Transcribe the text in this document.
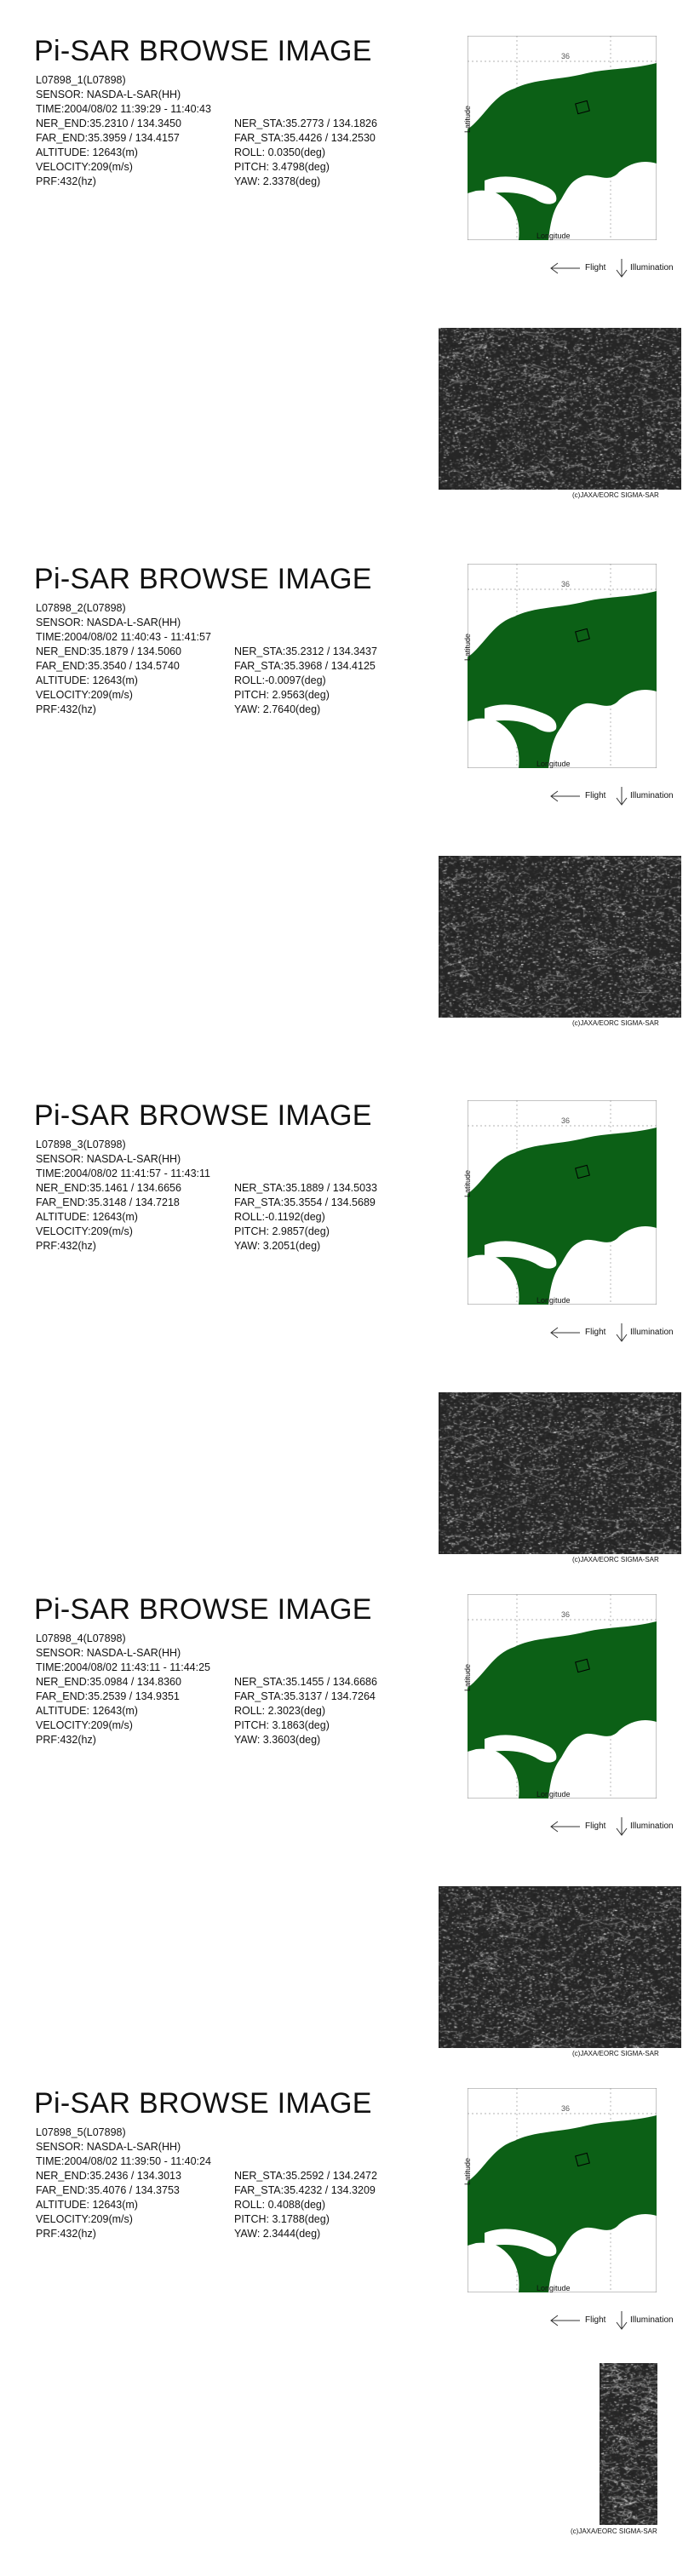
Pi-SAR BROWSE IMAGE
L07898_1(L07898)
SENSOR: NASDA-L-SAR(HH)
TIME:2004/08/02 11:39:29 - 11:40:43
NER_END:35.2310 / 134.3450	NER_STA:35.2773 / 134.1826
FAR_END:35.3959 / 134.4157	FAR_STA:35.4426 / 134.2530
ALTITUDE: 12643(m)	ROLL: 0.0350(deg)
VELOCITY:209(m/s)	PITCH: 3.4798(deg)
PRF:432(hz)	YAW: 2.3378(deg)
36
Latitude
Longitude
Flight	Illumination
(c)JAXA/EORC SIGMA-SAR
Pi-SAR BROWSE IMAGE
L07898_2(L07898)
SENSOR: NASDA-L-SAR(HH)
TIME:2004/08/02 11:40:43 - 11:41:57
NER_END:35.1879 / 134.5060	NER_STA:35.2312 / 134.3437
FAR_END:35.3540 / 134.5740	FAR_STA:35.3968 / 134.4125
ALTITUDE: 12643(m)	ROLL:-0.0097(deg)
VELOCITY:209(m/s)	PITCH: 2.9563(deg)
PRF:432(hz)	YAW: 2.7640(deg)
36
Latitude
Longitude
Flight	Illumination
(c)JAXA/EORC SIGMA-SAR
Pi-SAR BROWSE IMAGE
L07898_3(L07898)
SENSOR: NASDA-L-SAR(HH)
TIME:2004/08/02 11:41:57 - 11:43:11
NER_END:35.1461 / 134.6656	NER_STA:35.1889 / 134.5033
FAR_END:35.3148 / 134.7218	FAR_STA:35.3554 / 134.5689
ALTITUDE: 12643(m)	ROLL:-0.1192(deg)
VELOCITY:209(m/s)	PITCH: 2.9857(deg)
PRF:432(hz)	YAW: 3.2051(deg)
36
Latitude
Longitude
Flight	Illumination
(c)JAXA/EORC SIGMA-SAR
Pi-SAR BROWSE IMAGE
L07898_4(L07898)
SENSOR: NASDA-L-SAR(HH)
TIME:2004/08/02 11:43:11 - 11:44:25
NER_END:35.0984 / 134.8360	NER_STA:35.1455 / 134.6686
FAR_END:35.2539 / 134.9351	FAR_STA:35.3137 / 134.7264
ALTITUDE: 12643(m)	ROLL: 2.3023(deg)
VELOCITY:209(m/s)	PITCH: 3.1863(deg)
PRF:432(hz)	YAW: 3.3603(deg)
36
Latitude
Longitude
Flight	Illumination
(c)JAXA/EORC SIGMA-SAR
Pi-SAR BROWSE IMAGE
L07898_5(L07898)
SENSOR: NASDA-L-SAR(HH)
TIME:2004/08/02 11:39:50 - 11:40:24
NER_END:35.2436 / 134.3013	NER_STA:35.2592 / 134.2472
FAR_END:35.4076 / 134.3753	FAR_STA:35.4232 / 134.3209
ALTITUDE: 12643(m)	ROLL: 0.4088(deg)
VELOCITY:209(m/s)	PITCH: 3.1788(deg)
PRF:432(hz)	YAW: 2.3444(deg)
36
Latitude
Longitude
Flight	Illumination
(c)JAXA/EORC SIGMA-SAR
